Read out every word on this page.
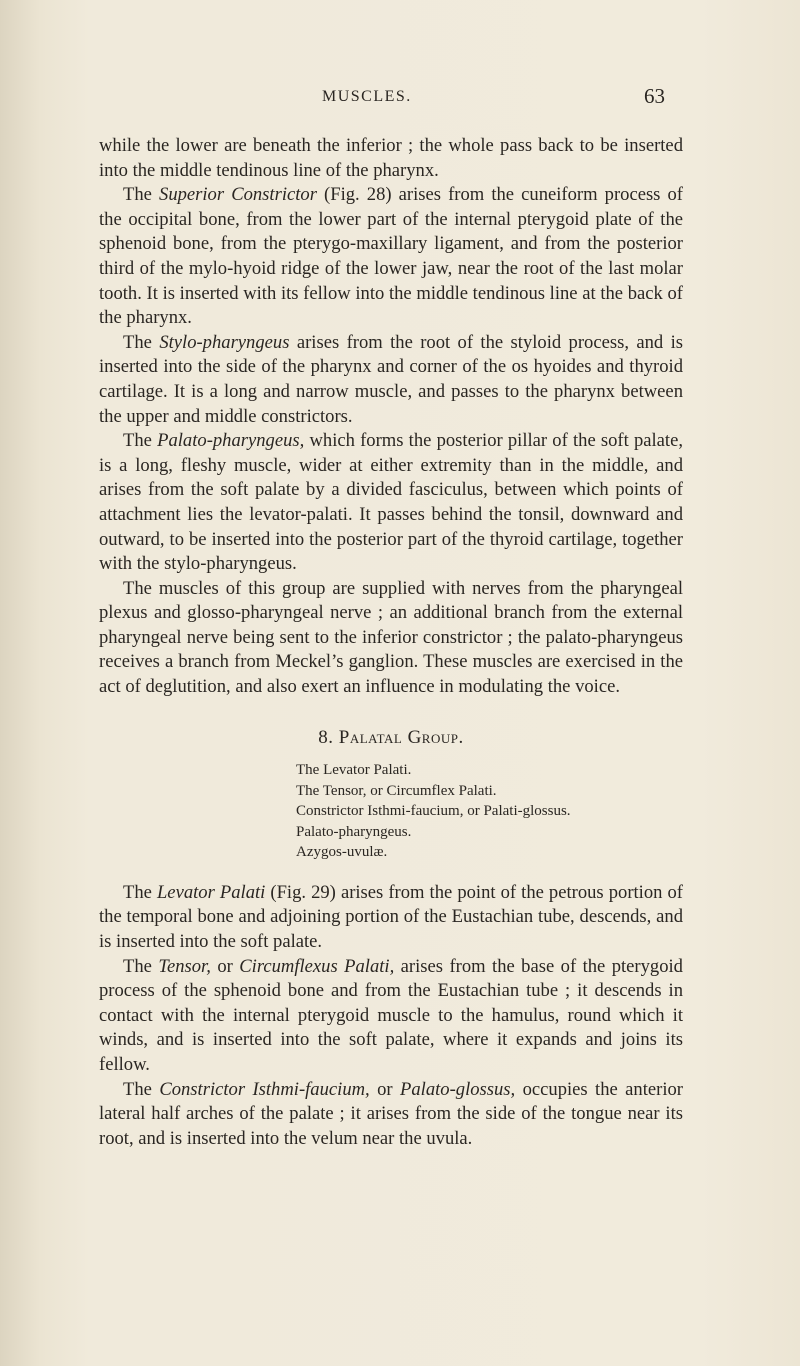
MUSCLES.	63

while the lower are beneath the inferior ; the whole pass back to be inserted into the middle tendinous line of the pharynx.

The Superior Constrictor (Fig. 28) arises from the cuneiform process of the occipital bone, from the lower part of the internal pterygoid plate of the sphenoid bone, from the pterygo-maxillary ligament, and from the posterior third of the mylo-hyoid ridge of the lower jaw, near the root of the last molar tooth. It is inserted with its fellow into the middle tendinous line at the back of the pharynx.

The Stylo-pharyngeus arises from the root of the styloid process, and is inserted into the side of the pharynx and corner of the os hyoides and thyroid cartilage. It is a long and narrow muscle, and passes to the pharynx between the upper and middle constrictors.

The Palato-pharyngeus, which forms the posterior pillar of the soft palate, is a long, fleshy muscle, wider at either extremity than in the middle, and arises from the soft palate by a divided fasciculus, between which points of attachment lies the levator-palati. It passes behind the tonsil, downward and outward, to be inserted into the posterior part of the thyroid cartilage, together with the stylo-pharyngeus.

The muscles of this group are supplied with nerves from the pharyngeal plexus and glosso-pharyngeal nerve ; an additional branch from the external pharyngeal nerve being sent to the inferior constrictor ; the palato-pharyngeus receives a branch from Meckel’s ganglion. These muscles are exercised in the act of deglutition, and also exert an influence in modulating the voice.

8. Palatal Group.
The Levator Palati.
The Tensor, or Circumflex Palati.
Constrictor Isthmi-faucium, or Palati-glossus.
Palato-pharyngeus.
Azygos-uvulæ.

The Levator Palati (Fig. 29) arises from the point of the petrous portion of the temporal bone and adjoining portion of the Eustachian tube, descends, and is inserted into the soft palate.

The Tensor, or Circumflexus Palati, arises from the base of the pterygoid process of the sphenoid bone and from the Eustachian tube ; it descends in contact with the internal pterygoid muscle to the hamulus, round which it winds, and is inserted into the soft palate, where it expands and joins its fellow.

The Constrictor Isthmi-faucium, or Palato-glossus, occupies the anterior lateral half arches of the palate ; it arises from the side of the tongue near its root, and is inserted into the velum near the uvula.
